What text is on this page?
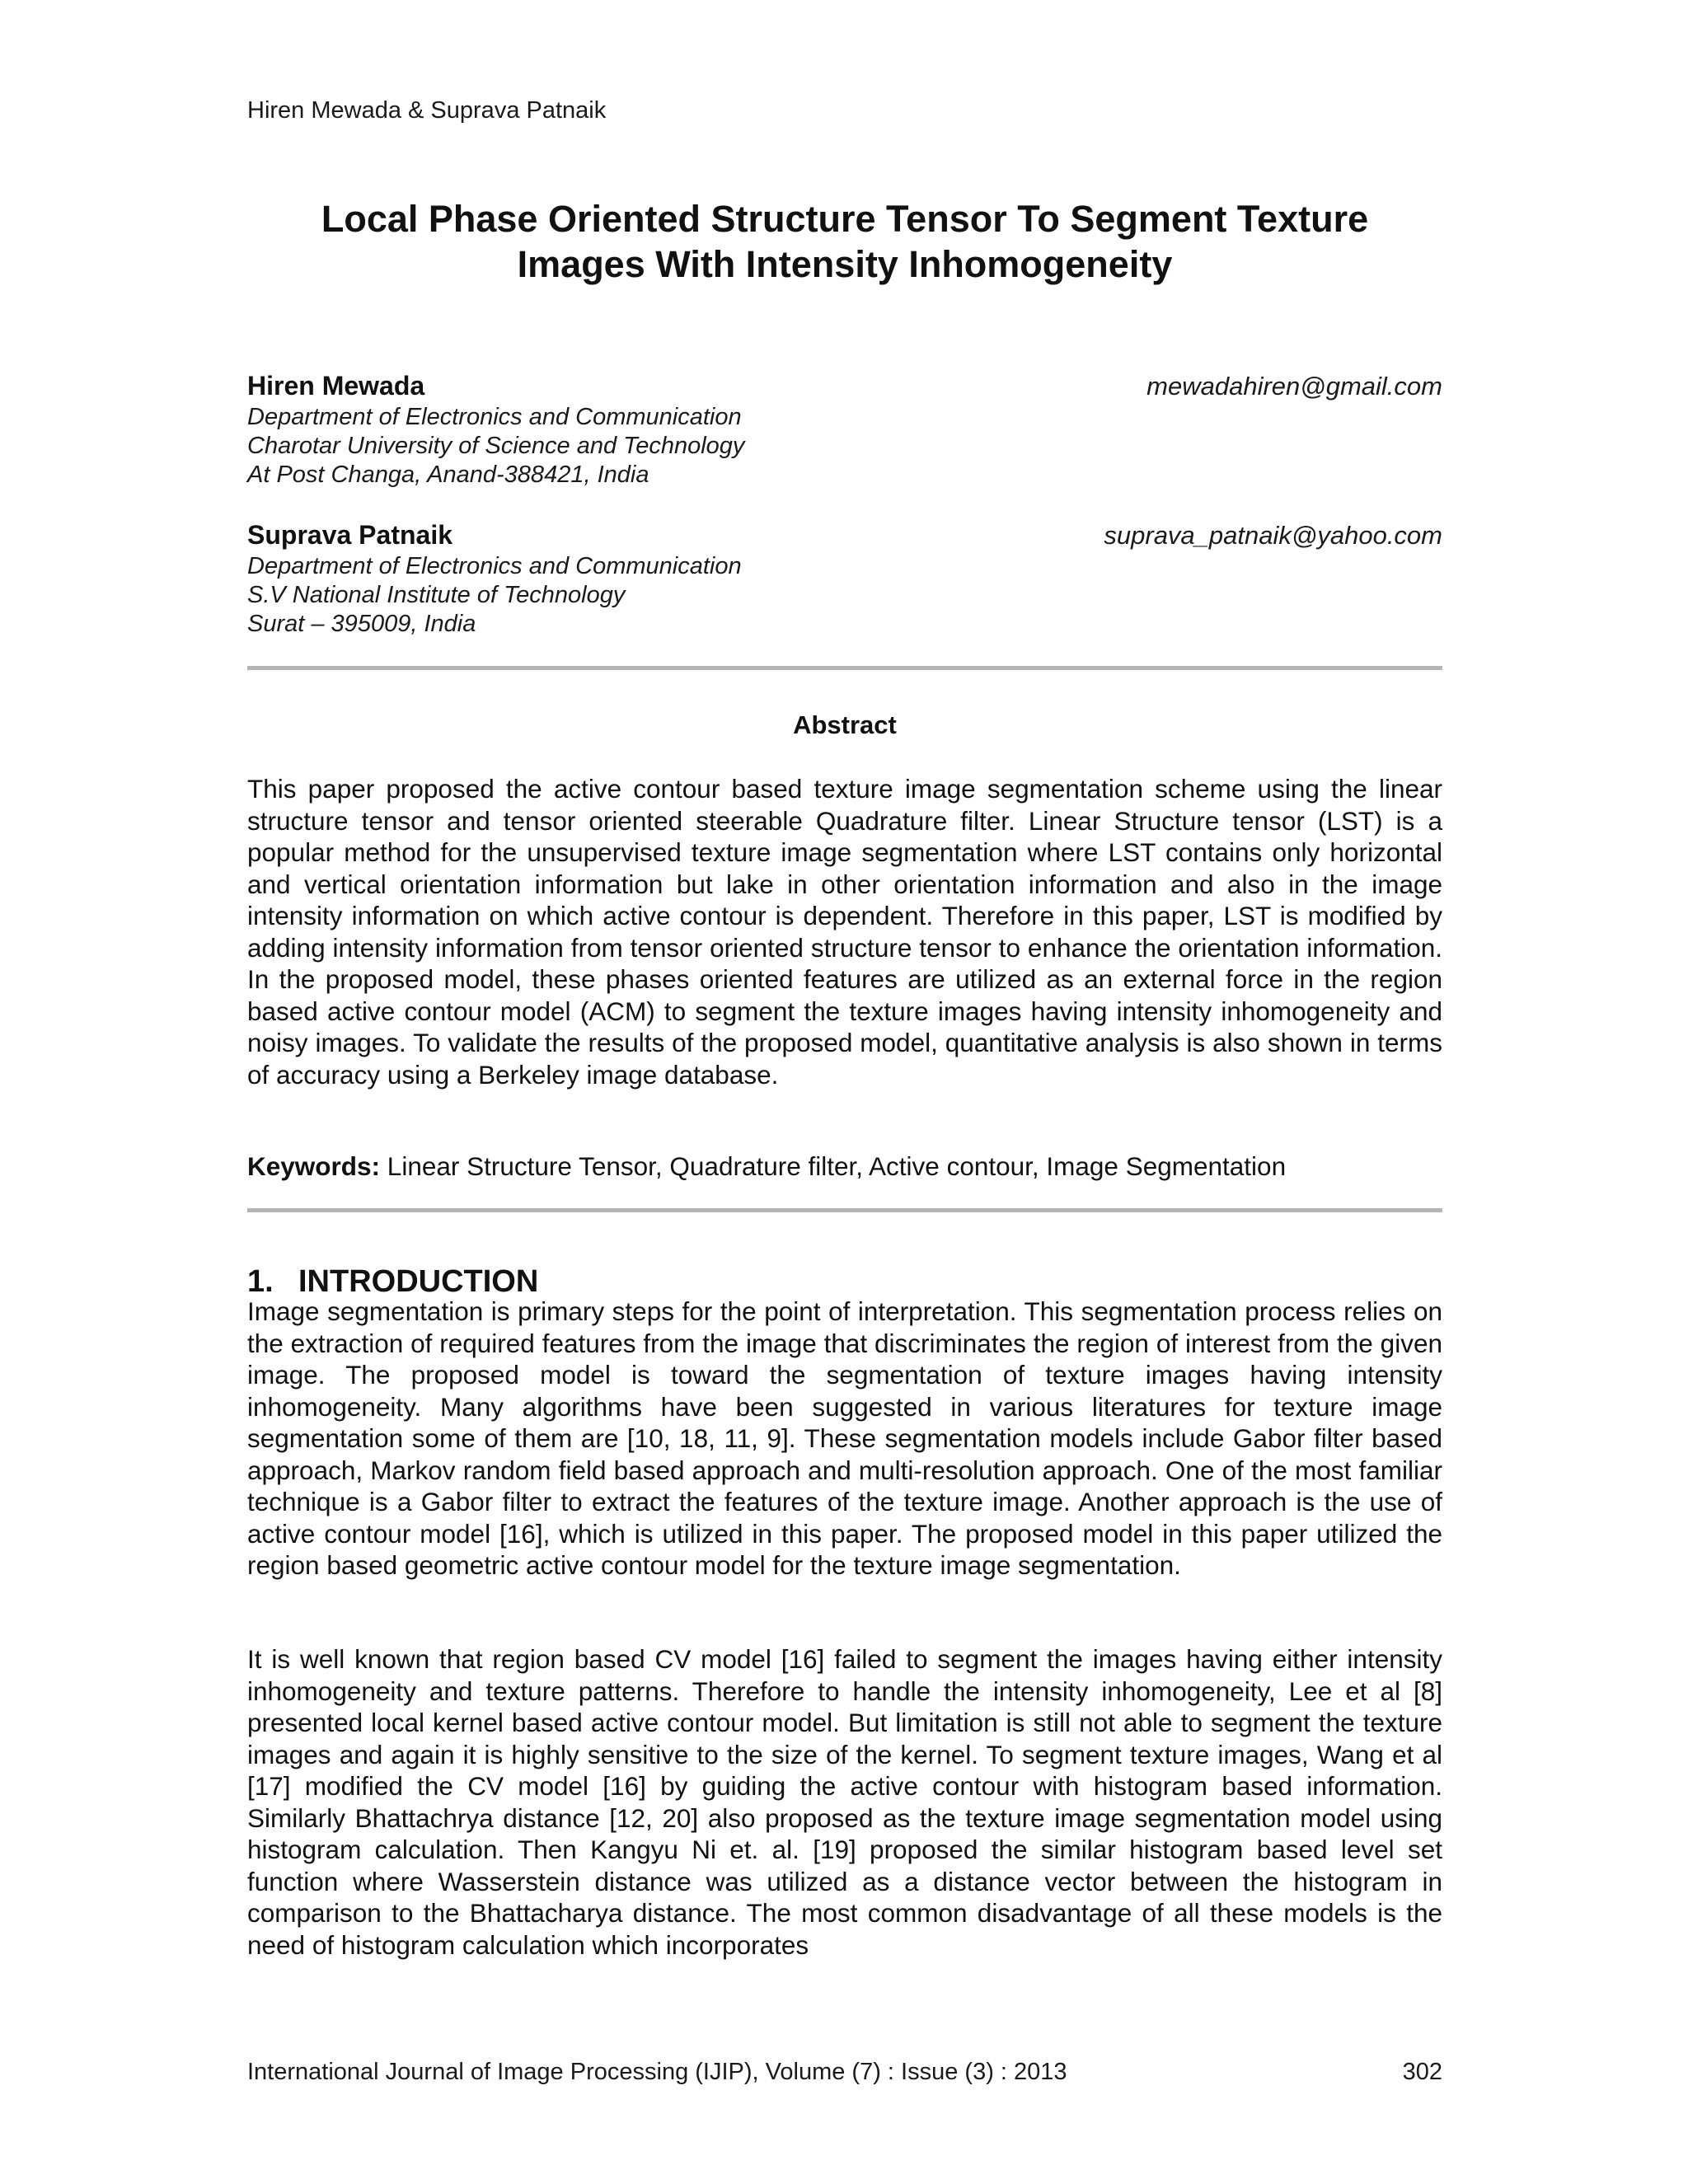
Hiren Mewada & Suprava Patnaik
Local Phase Oriented Structure Tensor To Segment Texture
Images With Intensity Inhomogeneity
Hiren Mewada	mewadahiren@gmail.com
Department of Electronics and Communication
Charotar University of Science and Technology
At Post Changa, Anand-388421, India
Suprava Patnaik	suprava_patnaik@yahoo.com
Department of Electronics and Communication
S.V National Institute of Technology
Surat – 395009, India
Abstract
This paper proposed the active contour based texture image segmentation scheme using the linear structure tensor and tensor oriented steerable Quadrature filter. Linear Structure tensor (LST) is a popular method for the unsupervised texture image segmentation where LST contains only horizontal and vertical orientation information but lake in other orientation information and also in the image intensity information on which active contour is dependent. Therefore in this paper, LST is modified by adding intensity information from tensor oriented structure tensor to enhance the orientation information. In the proposed model, these phases oriented features are utilized as an external force in the region based active contour model (ACM) to segment the texture images having intensity inhomogeneity and noisy images. To validate the results of the proposed model, quantitative analysis is also shown in terms of accuracy using a Berkeley image database.
Keywords: Linear Structure Tensor, Quadrature filter, Active contour, Image Segmentation
1. INTRODUCTION
Image segmentation is primary steps for the point of interpretation. This segmentation process relies on the extraction of required features from the image that discriminates the region of interest from the given image. The proposed model is toward the segmentation of texture images having intensity inhomogeneity. Many algorithms have been suggested in various literatures for texture image segmentation some of them are [10, 18, 11, 9]. These segmentation models include Gabor filter based approach, Markov random field based approach and multi-resolution approach. One of the most familiar technique is a Gabor filter to extract the features of the texture image. Another approach is the use of active contour model [16], which is utilized in this paper. The proposed model in this paper utilized the region based geometric active contour model for the texture image segmentation.
It is well known that region based CV model [16] failed to segment the images having either intensity inhomogeneity and texture patterns. Therefore to handle the intensity inhomogeneity, Lee et al [8] presented local kernel based active contour model. But limitation is still not able to segment the texture images and again it is highly sensitive to the size of the kernel. To segment texture images, Wang et al [17] modified the CV model [16] by guiding the active contour with histogram based information. Similarly Bhattachrya distance [12, 20] also proposed as the texture image segmentation model using histogram calculation. Then Kangyu Ni et. al. [19] proposed the similar histogram based level set function where Wasserstein distance was utilized as a distance vector between the histogram in comparison to the Bhattacharya distance. The most common disadvantage of all these models is the need of histogram calculation which incorporates
International Journal of Image Processing (IJIP), Volume (7) : Issue (3) : 2013	302
